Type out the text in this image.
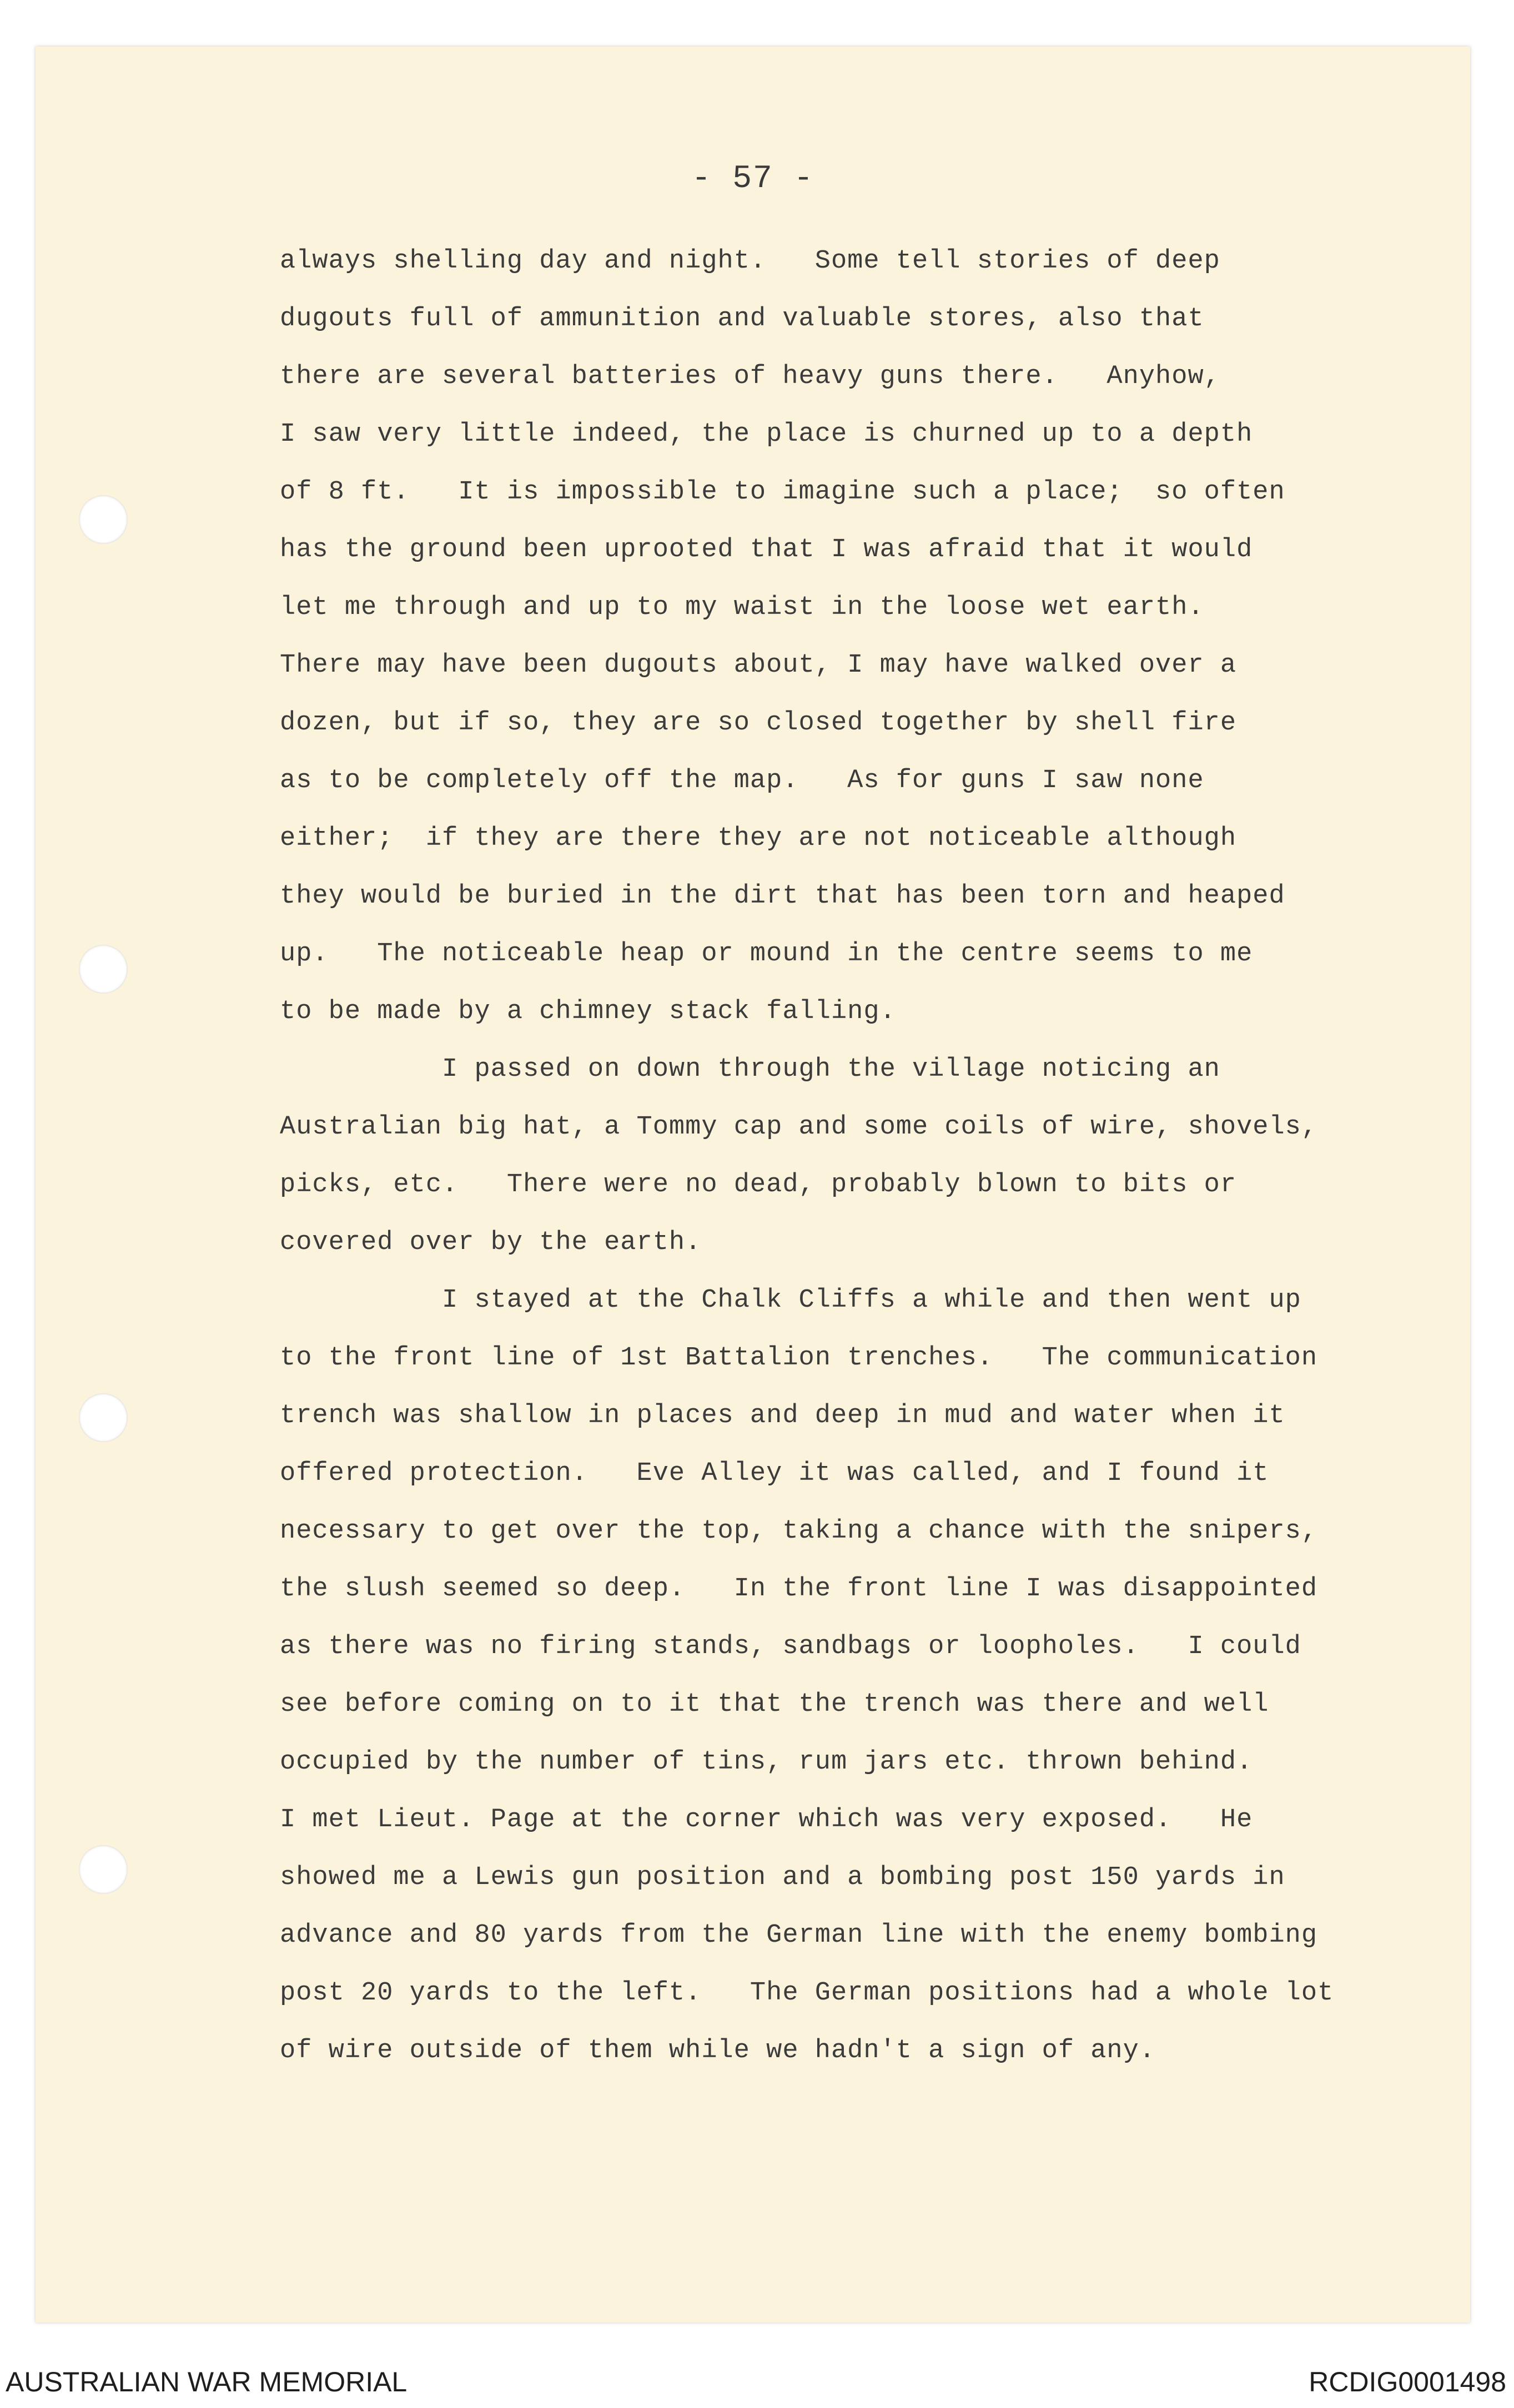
- 57 -
always shelling day and night.   Some tell stories of deep
dugouts full of ammunition and valuable stores, also that
there are several batteries of heavy guns there.   Anyhow,
I saw very little indeed, the place is churned up to a depth
of 8 ft.   It is impossible to imagine such a place;  so often
has the ground been uprooted that I was afraid that it would
let me through and up to my waist in the loose wet earth.
There may have been dugouts about, I may have walked over a
dozen, but if so, they are so closed together by shell fire
as to be completely off the map.   As for guns I saw none
either;  if they are there they are not noticeable although
they would be buried in the dirt that has been torn and heaped
up.   The noticeable heap or mound in the centre seems to me
to be made by a chimney stack falling.
I passed on down through the village noticing an
Australian big hat, a Tommy cap and some coils of wire, shovels,
picks, etc.   There were no dead, probably blown to bits or
covered over by the earth.
I stayed at the Chalk Cliffs a while and then went up
to the front line of 1st Battalion trenches.   The communication
trench was shallow in places and deep in mud and water when it
offered protection.   Eve Alley it was called, and I found it
necessary to get over the top, taking a chance with the snipers,
the slush seemed so deep.   In the front line I was disappointed
as there was no firing stands, sandbags or loopholes.   I could
see before coming on to it that the trench was there and well
occupied by the number of tins, rum jars etc. thrown behind.
I met Lieut. Page at the corner which was very exposed.   He
showed me a Lewis gun position and a bombing post 150 yards in
advance and 80 yards from the German line with the enemy bombing
post 20 yards to the left.   The German positions had a whole lot
of wire outside of them while we hadn't a sign of any.
AUSTRALIAN WAR MEMORIAL	RCDIG0001498
